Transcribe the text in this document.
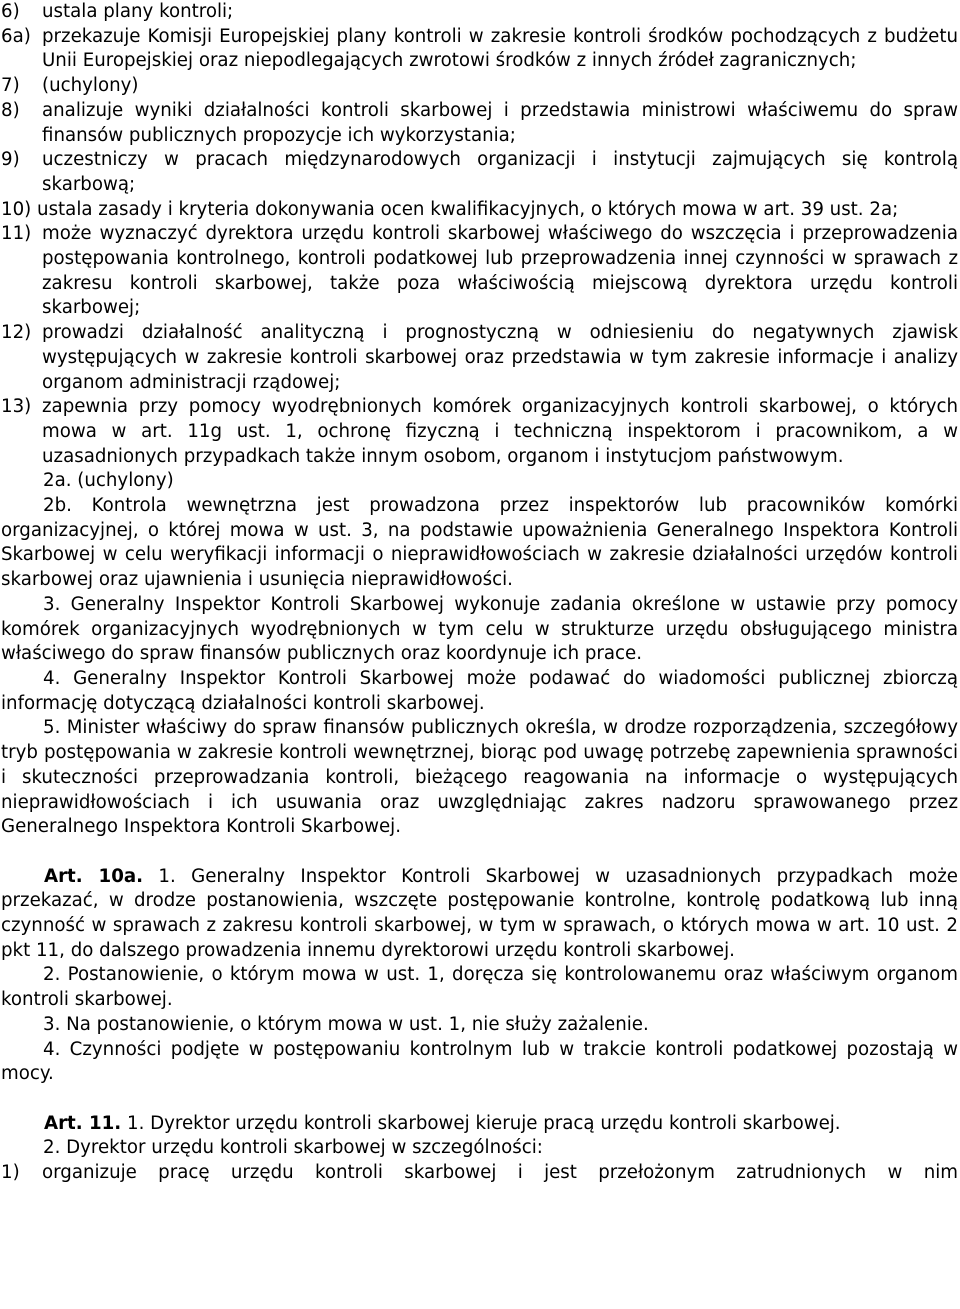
6) ustala plany kontroli;
6a) przekazuje Komisji Europejskiej plany kontroli w zakresie kontroli środków pochodzących z budżetu Unii Europejskiej oraz niepodlegających zwrotowi środków z innych źródeł zagranicznych;
7) (uchylony)
8) analizuje wyniki działalności kontroli skarbowej i przedstawia ministrowi właściwemu do spraw finansów publicznych propozycje ich wykorzystania;
9) uczestniczy w pracach międzynarodowych organizacji i instytucji zajmujących się kontrolą skarbową;

10) ustala zasady i kryteria dokonywania ocen kwalifikacyjnych, o których mowa w art. 39 ust. 2a;

11) może wyznaczyć dyrektora urzędu kontroli skarbowej właściwego do wszczęcia i przeprowadzenia postępowania kontrolnego, kontroli podatkowej lub przeprowadzenia innej czynności w sprawach z zakresu kontroli skarbowej, także poza właściwością miejscową dyrektora urzędu kontroli skarbowej;
12) prowadzi działalność analityczną i prognostyczną w odniesieniu do negatywnych zjawisk występujących w zakresie kontroli skarbowej oraz przedstawia w tym zakresie informacje i analizy organom administracji rządowej;
13) zapewnia przy pomocy wyodrębnionych komórek organizacyjnych kontroli skarbowej, o których mowa w art. 11g ust. 1, ochronę fizyczną i techniczną inspektorom i pracownikom, a w uzasadnionych przypadkach także innym osobom, organom i instytucjom państwowym.

2a. (uchylony)

2b. Kontrola wewnętrzna jest prowadzona przez inspektorów lub pracowników komórki organizacyjnej, o której mowa w ust. 3, na podstawie upoważnienia Generalnego Inspektora Kontroli Skarbowej w celu weryfikacji informacji o nieprawidłowościach w zakresie działalności urzędów kontroli skarbowej oraz ujawnienia i usunięcia nieprawidłowości.

3. Generalny Inspektor Kontroli Skarbowej wykonuje zadania określone w ustawie przy pomocy komórek organizacyjnych wyodrębnionych w tym celu w strukturze urzędu obsługującego ministra właściwego do spraw finansów publicznych oraz koordynuje ich prace.

4. Generalny Inspektor Kontroli Skarbowej może podawać do wiadomości publicznej zbiorczą informację dotyczącą działalności kontroli skarbowej.

5. Minister właściwy do spraw finansów publicznych określa, w drodze rozporządzenia, szczegółowy tryb postępowania w zakresie kontroli wewnętrznej, biorąc pod uwagę potrzebę zapewnienia sprawności i skuteczności przeprowadzania kontroli, bieżącego reagowania na informacje o występujących nieprawidłowościach i ich usuwania oraz uwzględniając zakres nadzoru sprawowanego przez Generalnego Inspektora Kontroli Skarbowej.

Art. 10a. 1. Generalny Inspektor Kontroli Skarbowej w uzasadnionych przypadkach może przekazać, w drodze postanowienia, wszczęte postępowanie kontrolne, kontrolę podatkową lub inną czynność w sprawach z zakresu kontroli skarbowej, w tym w sprawach, o których mowa w art. 10 ust. 2 pkt 11, do dalszego prowadzenia innemu dyrektorowi urzędu kontroli skarbowej.

2. Postanowienie, o którym mowa w ust. 1, doręcza się kontrolowanemu oraz właściwym organom kontroli skarbowej.

3. Na postanowienie, o którym mowa w ust. 1, nie służy zażalenie.

4. Czynności podjęte w postępowaniu kontrolnym lub w trakcie kontroli podatkowej pozostają w mocy.

Art. 11. 1. Dyrektor urzędu kontroli skarbowej kieruje pracą urzędu kontroli skarbowej.

2. Dyrektor urzędu kontroli skarbowej w szczególności:

1) organizuje pracę urzędu kontroli skarbowej i jest przełożonym zatrudnionych w nim
